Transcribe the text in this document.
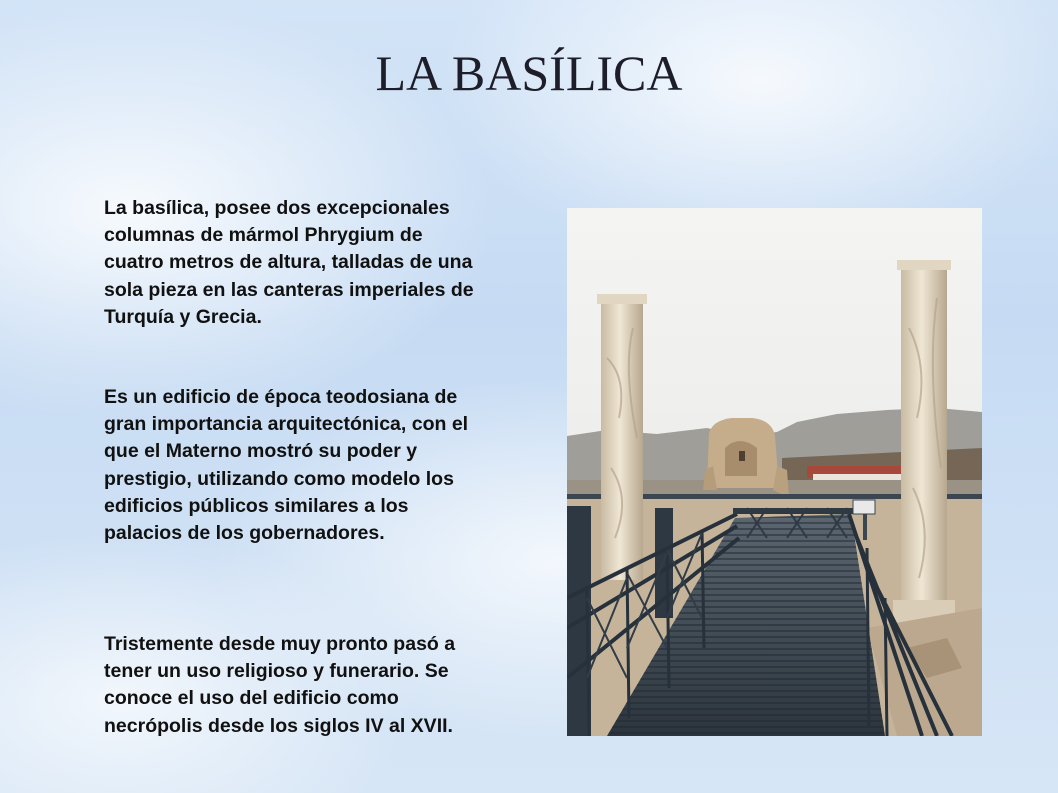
LA BASÍLICA
La basílica, posee dos excepcionales columnas de mármol Phrygium de cuatro metros de altura, talladas de una sola pieza en las canteras imperiales de Turquía y Grecia.
Es un edificio de época teodosiana de gran importancia arquitectónica, con el que el Materno mostró su poder y prestigio, utilizando como modelo los edificios públicos similares a los palacios de los gobernadores.
Tristemente desde muy pronto pasó a tener un uso religioso y funerario. Se conoce el uso del edificio como necrópolis desde los siglos IV al XVII.
